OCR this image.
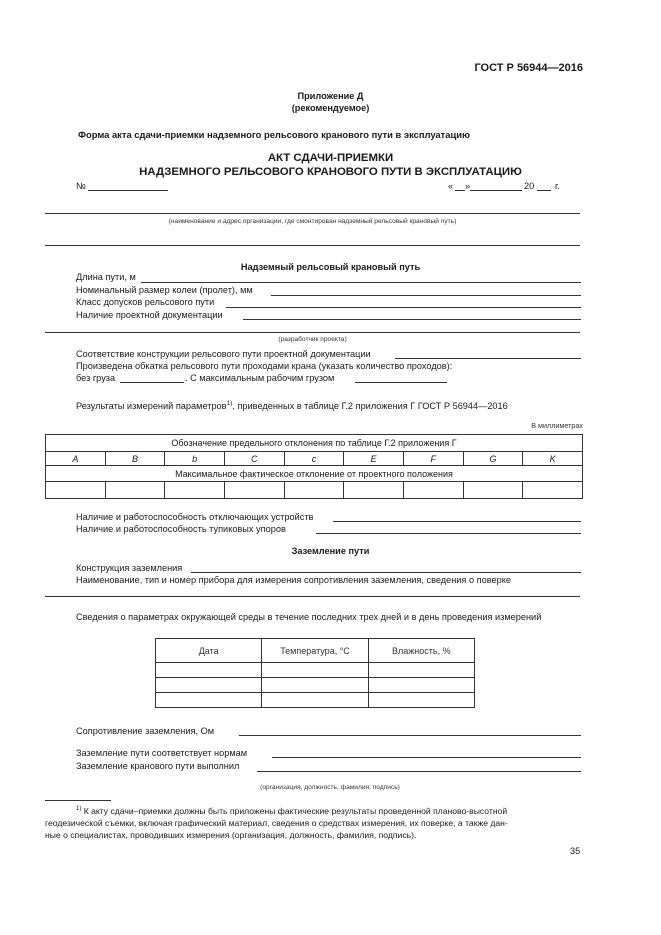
ГОСТ Р 56944—2016
Приложение Д
(рекомендуемое)
Форма акта сдачи-приемки надземного рельсового кранового пути в эксплуатацию
АКТ СДАЧИ-ПРИЕМКИ
НАДЗЕМНОГО РЕЛЬСОВОГО КРАНОВОГО ПУТИ В ЭКСПЛУАТАЦИЮ
№	« »	20 г.
(наименование и адрес организации, где смонтирован надземный рельсовый крановый путь)
Надземный рельсовый крановый путь
Длина пути, м
Номинальный размер колеи (пролет), мм
Класс допусков рельсового пути
Наличие проектной документации
(разработчик проекта)
Соответствие конструкции рельсового пути проектной документации
Произведена обкатка рельсового пути проходами крана (указать количество проходов):
без груза	. С максимальным рабочим грузом
Результаты измерений параметров$^{1)}$, приведенных в таблице Г.2 приложения Г ГОСТ Р 56944—2016
В миллиметрах
Обозначение предельного отклонения по таблице Г.2 приложения Г								
A	B	b	C	c	E	F	G	K
Максимальное фактическое отклонение от проектного положения								

Наличие и работоспособность отключающих устройств
Наличие и работоспособность тупиковых упоров
Заземление пути
Конструкция заземления
Наименование, тип и номер прибора для измерения сопротивления заземления, сведения о поверке
Сведения о параметрах окружающей среды в течение последних трех дней и в день проведения измерений
Дата	Температура, °С	Влажность, %

Сопротивление заземления, Ом
Заземление пути соответствует нормам
Заземление кранового пути выполнил
(организация, должность, фамилия, подпись)
$^{1)}$ К акту сдачи–приемки должны быть приложены фактические результаты проведенной планово-высотной
геодезической съемки, включая графический материал, сведения о средствах измерения, их поверке, а также дан-
ные о специалистах, проводивших измерения (организация, должность, фамилия, подпись).
35
